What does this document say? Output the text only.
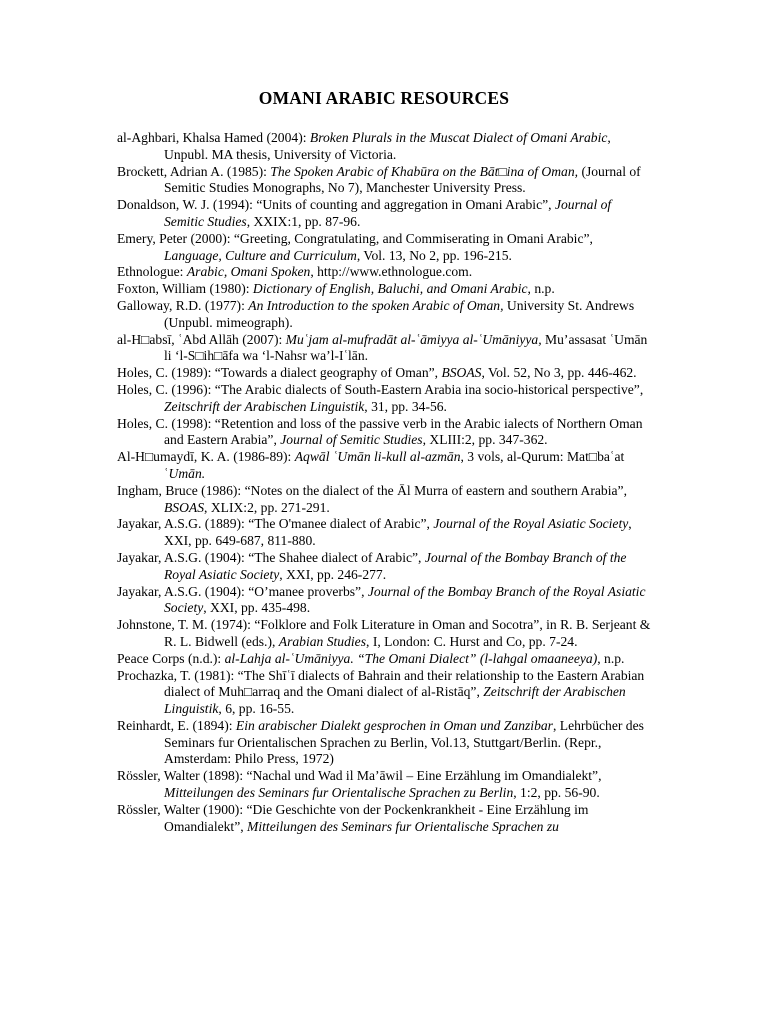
OMANI ARABIC RESOURCES

al-Aghbari, Khalsa Hamed (2004): Broken Plurals in the Muscat Dialect of Omani Arabic, Unpubl. MA thesis, University of Victoria.

Brockett, Adrian A. (1985): The Spoken Arabic of Khabūra on the Bāt□ina of Oman, (Journal of Semitic Studies Monographs, No 7), Manchester University Press.

Donaldson, W. J. (1994): “Units of counting and aggregation in Omani Arabic”, Journal of Semitic Studies, XXIX:1, pp. 87-96.

Emery, Peter (2000): “Greeting, Congratulating, and Commiserating in Omani Arabic”, Language, Culture and Curriculum, Vol. 13, No 2, pp. 196-215.

Ethnologue: Arabic, Omani Spoken, http://www.ethnologue.com.

Foxton, William (1980): Dictionary of English, Baluchi, and Omani Arabic, n.p.

Galloway, R.D. (1977): An Introduction to the spoken Arabic of Oman, University St. Andrews (Unpubl. mimeograph).

al-H□absī, ʿAbd Allāh (2007): Muʿjam al-mufradāt al-ʿāmiyya al-ʿUmāniyya, Mu’assasat ʿUmān li ‘l-S□ih□āfa wa ‘l-Nahsr wa’l-Iʿlān.

Holes, C. (1989): “Towards a dialect geography of Oman”, BSOAS, Vol. 52, No 3, pp. 446-462.

Holes, C. (1996): “The Arabic dialects of South-Eastern Arabia ina socio-historical perspective”, Zeitschrift der Arabischen Linguistik, 31, pp. 34-56.

Holes, C. (1998): “Retention and loss of the passive verb in the Arabic ialects of Northern Oman and Eastern Arabia”, Journal of Semitic Studies, XLIII:2, pp. 347-362.

Al-H□umaydī, K. A. (1986-89): Aqwāl ʿUmān li-kull al-azmān, 3 vols, al-Qurum: Mat□baʿat ʿUmān.

Ingham, Bruce (1986): “Notes on the dialect of the Āl Murra of eastern and southern Arabia”, BSOAS, XLIX:2, pp. 271-291.

Jayakar, A.S.G. (1889): “The O'manee dialect of Arabic”, Journal of the Royal Asiatic Society, XXI, pp. 649-687, 811-880.

Jayakar, A.S.G. (1904): “The Shahee dialect of Arabic”, Journal of the Bombay Branch of the Royal Asiatic Society, XXI, pp. 246-277.

Jayakar, A.S.G. (1904): “O’manee proverbs”, Journal of the Bombay Branch of the Royal Asiatic Society, XXI, pp. 435-498.

Johnstone, T. M. (1974): “Folklore and Folk Literature in Oman and Socotra”, in R. B. Serjeant & R. L. Bidwell (eds.), Arabian Studies, I, London: C. Hurst and Co, pp. 7-24.

Peace Corps (n.d.): al-Lahja al-ʿUmāniyya. “The Omani Dialect” (l-lahgal omaaneeya), n.p.

Prochazka, T. (1981): “The Shīʿī dialects of Bahrain and their relationship to the Eastern Arabian dialect of Muh□arraq and the Omani dialect of al-Ristāq”, Zeitschrift der Arabischen Linguistik, 6, pp. 16-55.

Reinhardt, E. (1894): Ein arabischer Dialekt gesprochen in Oman und Zanzibar, Lehrbücher des Seminars fur Orientalischen Sprachen zu Berlin, Vol.13, Stuttgart/Berlin. (Repr., Amsterdam: Philo Press, 1972)

Rössler, Walter (1898): “Nachal und Wad il Ma’āwil – Eine Erzählung im Omandialekt”, Mitteilungen des Seminars fur Orientalische Sprachen zu Berlin, 1:2, pp. 56-90.

Rössler, Walter (1900): “Die Geschichte von der Pockenkrankheit - Eine Erzählung im Omandialekt”, Mitteilungen des Seminars fur Orientalische Sprachen zu
